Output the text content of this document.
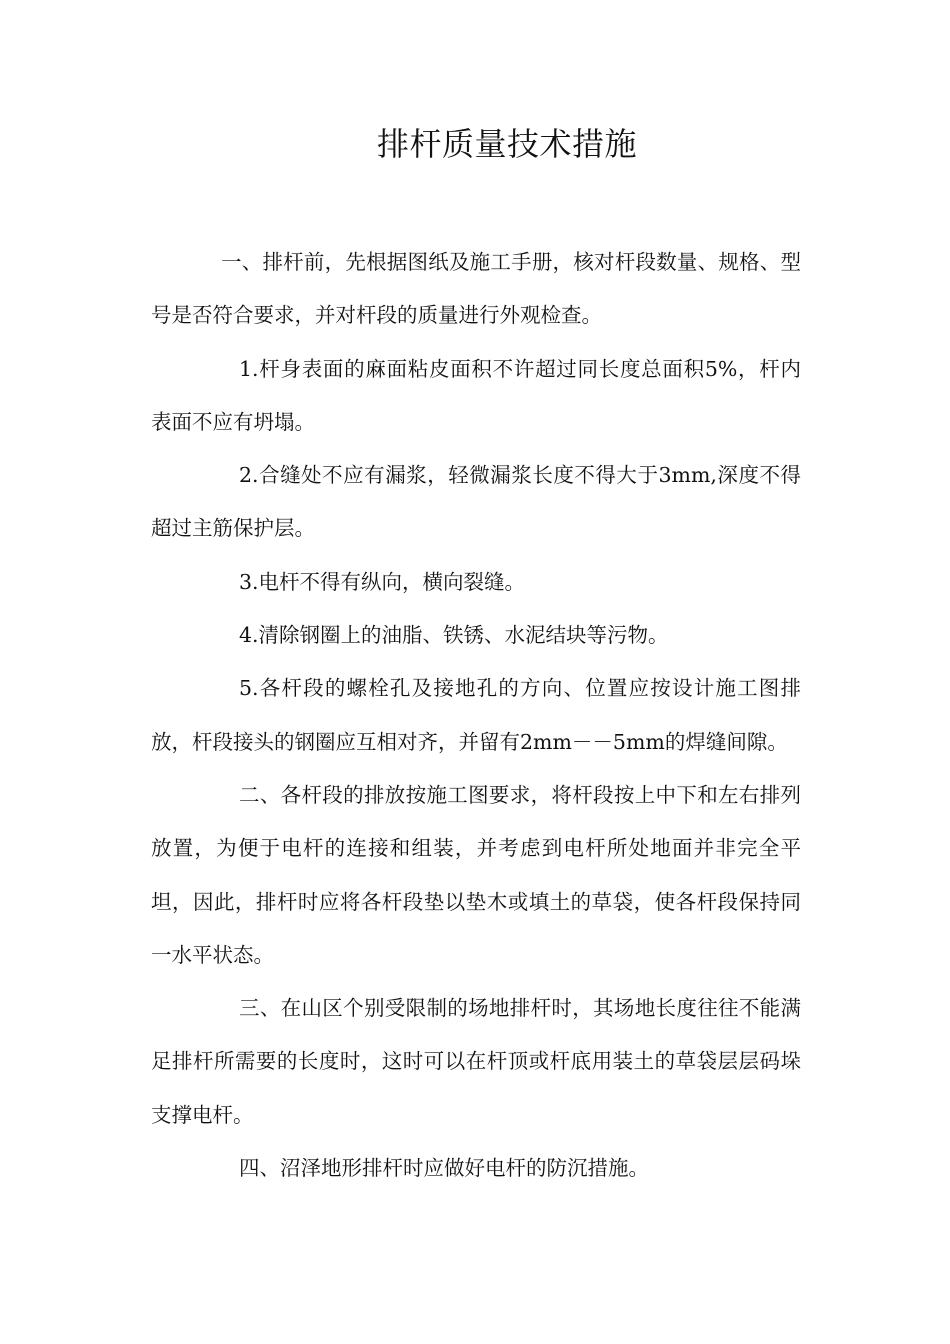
排杆质量技术措施

一、排杆前，先根据图纸及施工手册，核对杆段数量、规格、型号是否符合要求，并对杆段的质量进行外观检查。

1.杆身表面的麻面粘皮面积不许超过同长度总面积5%，杆内表面不应有坍塌。

2.合缝处不应有漏浆，轻微漏浆长度不得大于3mm,深度不得超过主筋保护层。

3.电杆不得有纵向，横向裂缝。

4.清除钢圈上的油脂、铁锈、水泥结块等污物。

5.各杆段的螺栓孔及接地孔的方向、位置应按设计施工图排放，杆段接头的钢圈应互相对齐，并留有2mm－－5mm的焊缝间隙。

二、各杆段的排放按施工图要求，将杆段按上中下和左右排列放置，为便于电杆的连接和组装，并考虑到电杆所处地面并非完全平坦，因此，排杆时应将各杆段垫以垫木或填土的草袋，使各杆段保持同一水平状态。

三、在山区个别受限制的场地排杆时，其场地长度往往不能满足排杆所需要的长度时，这时可以在杆顶或杆底用装土的草袋层层码垛支撑电杆。

四、沼泽地形排杆时应做好电杆的防沉措施。
